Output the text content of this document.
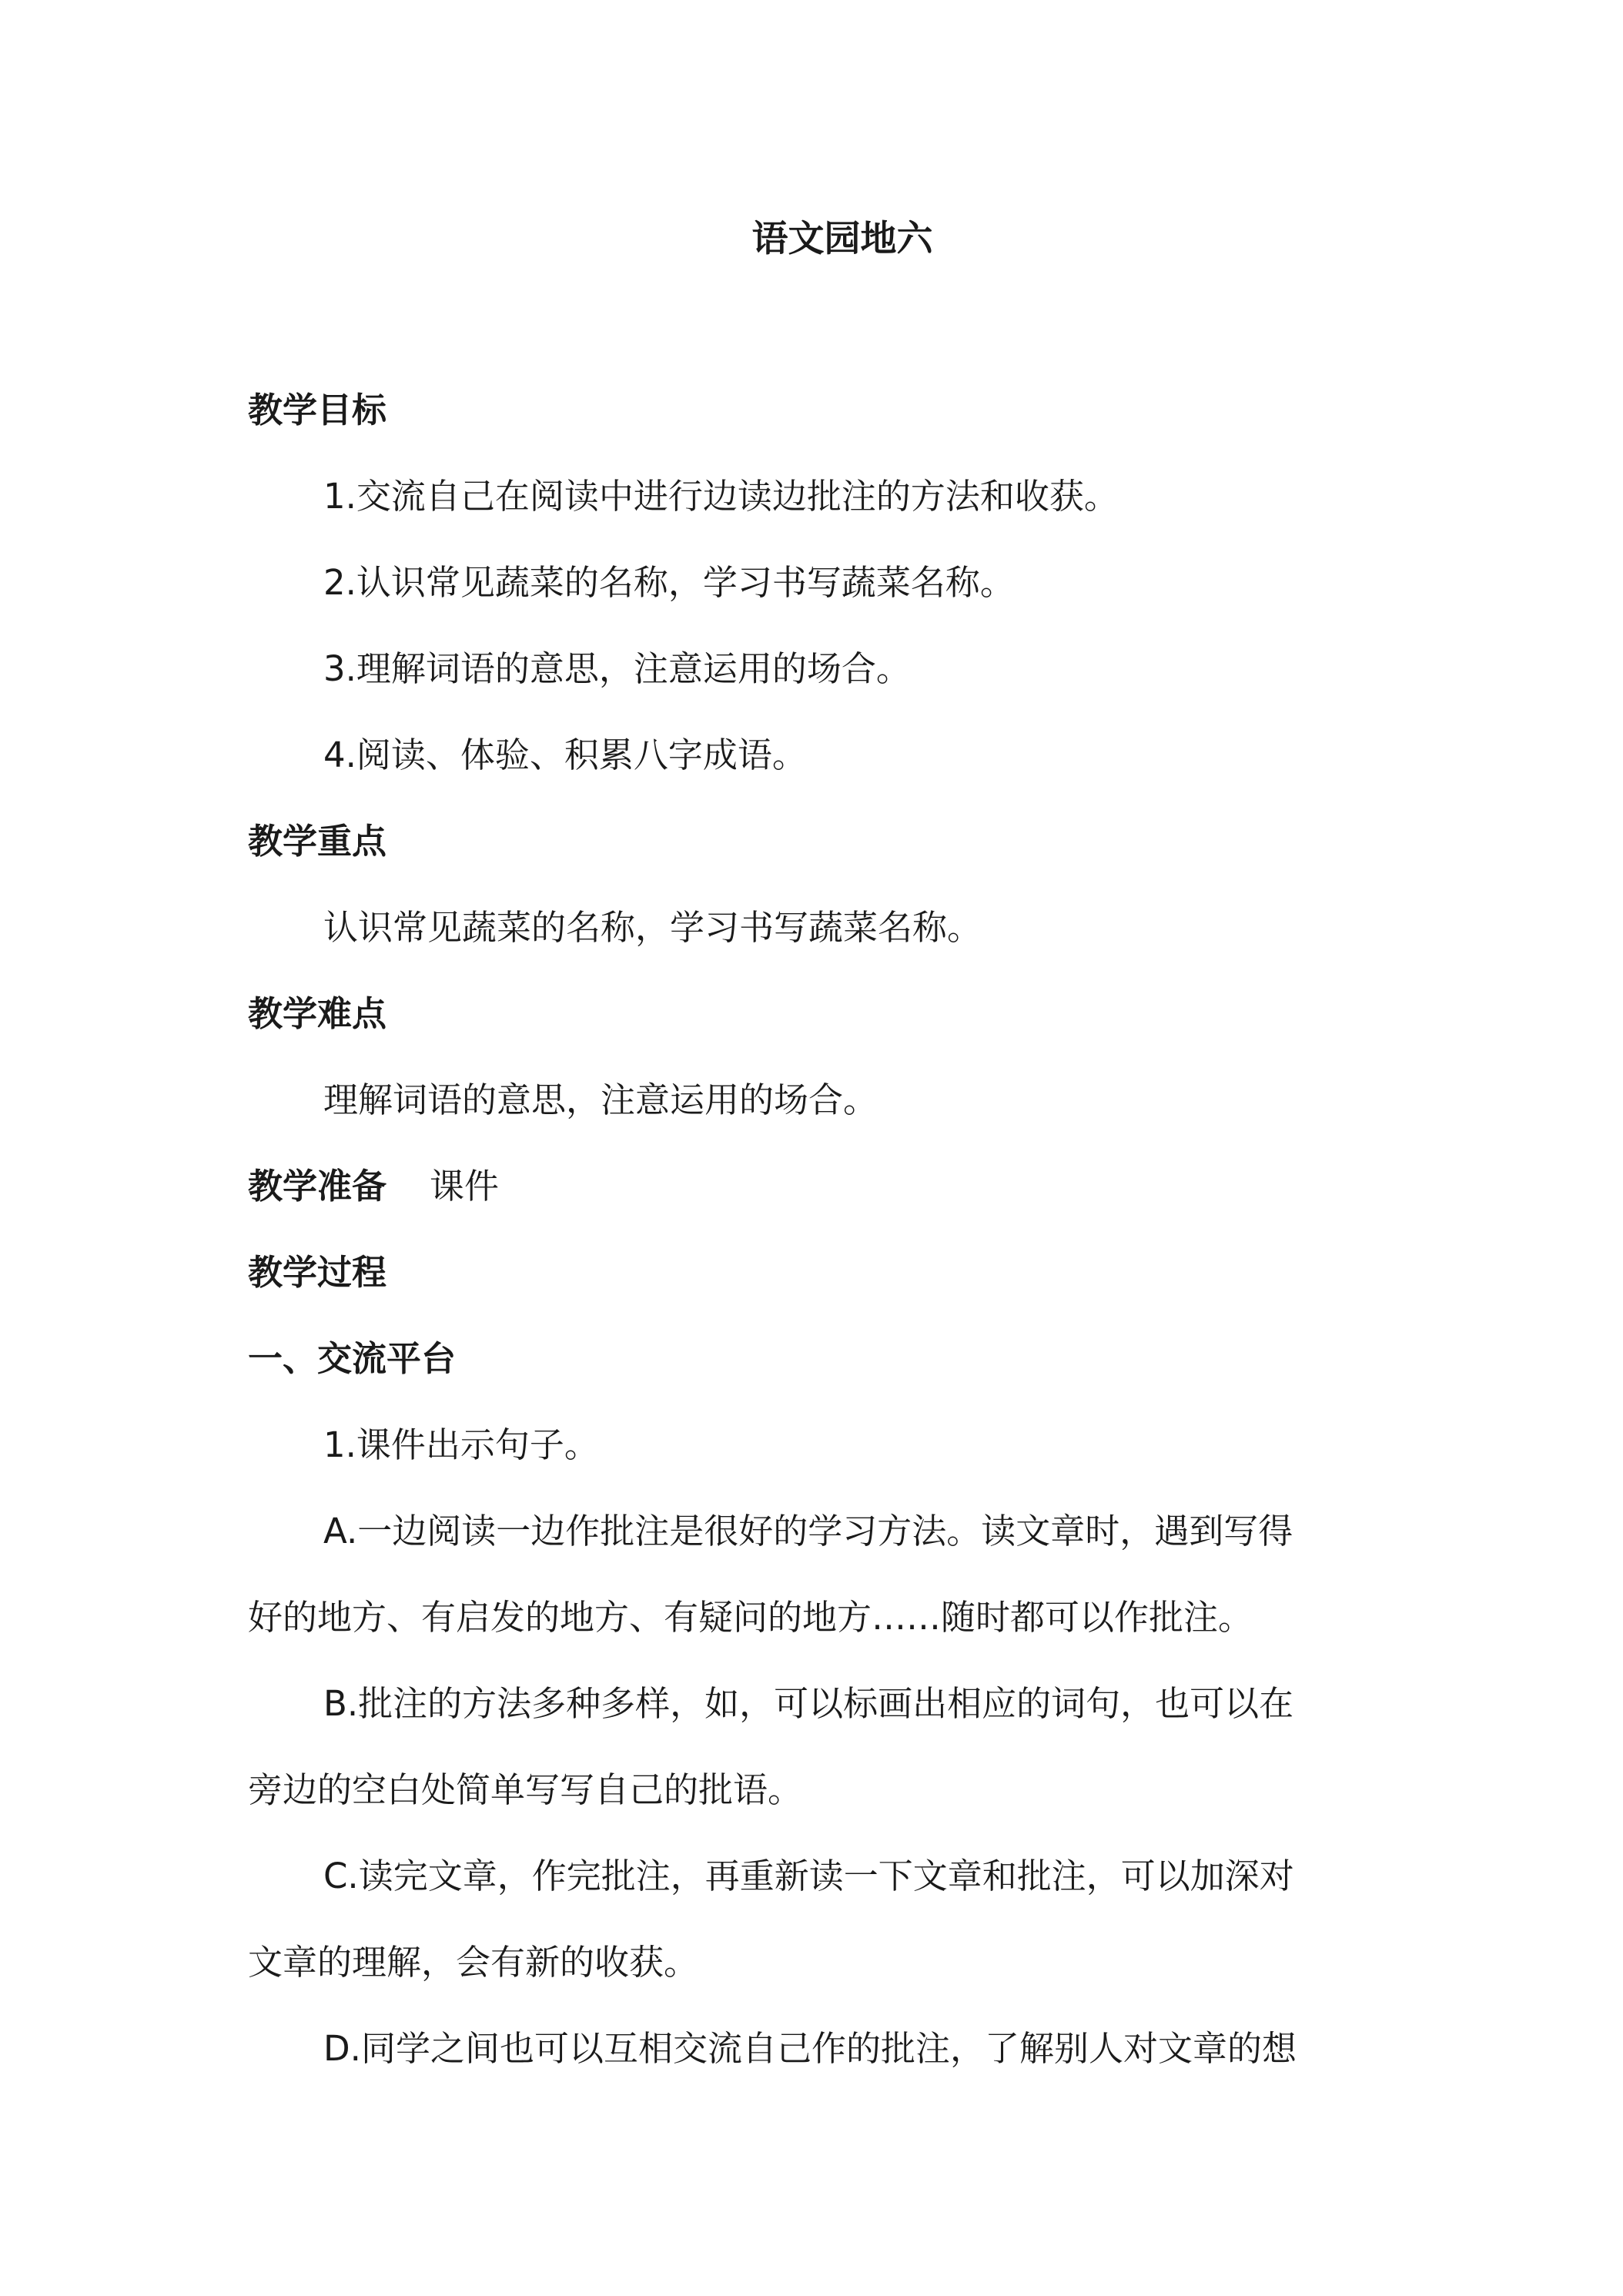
语文园地六
教学目标
1.交流自己在阅读中进行边读边批注的方法和收获。
2.认识常见蔬菜的名称，学习书写蔬菜名称。
3.理解词语的意思，注意运用的场合。
4.阅读、体验、积累八字成语。
教学重点
认识常见蔬菜的名称，学习书写蔬菜名称。
教学难点
理解词语的意思，注意运用的场合。
教学准备 课件
教学过程
一、交流平台
1.课件出示句子。
A.一边阅读一边作批注是很好的学习方法。读文章时，遇到写得
好的地方、有启发的地方、有疑问的地方……随时都可以作批注。
B.批注的方法多种多样，如，可以标画出相应的词句，也可以在
旁边的空白处简单写写自己的批语。
C.读完文章，作完批注，再重新读一下文章和批注，可以加深对
文章的理解，会有新的收获。
D.同学之间也可以互相交流自己作的批注，了解别人对文章的想
